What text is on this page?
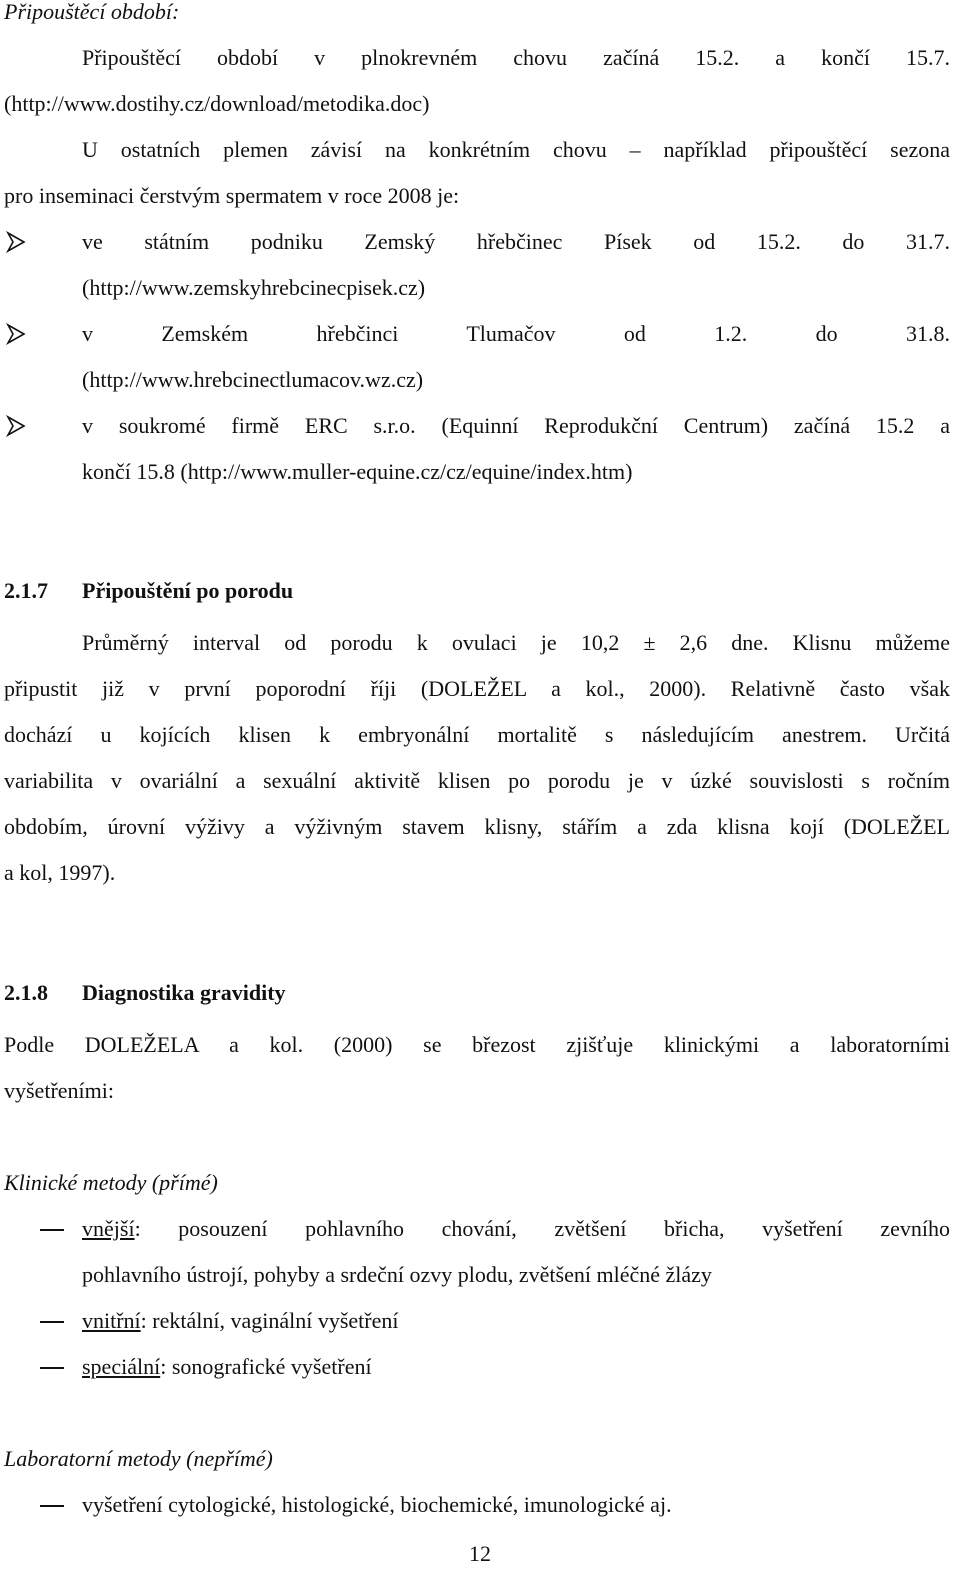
Připouštěcí období:
Připouštěcí období v plnokrevném chovu začíná 15.2. a končí 15.7.
(http://www.dostihy.cz/download/metodika.doc)
U ostatních plemen závisí na konkrétním chovu – například připouštěcí sezona
pro inseminaci čerstvým spermatem v roce 2008 je:
ve státním podniku Zemský hřebčinec Písek od 15.2. do 31.7.
(http://www.zemskyhrebcinecpisek.cz)
v Zemském hřebčinci Tlumačov od 1.2. do 31.8.
(http://www.hrebcinectlumacov.wz.cz)
v soukromé firmě ERC s.r.o. (Equinní Reprodukční Centrum) začíná 15.2 a
končí 15.8 (http://www.muller-equine.cz/cz/equine/index.htm)
2.1.7 Připouštění po porodu
Průměrný interval od porodu k ovulaci je 10,2 ± 2,6 dne. Klisnu můžeme
připustit již v první poporodní říji (DOLEŽEL a kol., 2000). Relativně často však
dochází u kojících klisen k embryonální mortalitě s následujícím anestrem. Určitá
variabilita v ovariální a sexuální aktivitě klisen po porodu je v úzké souvislosti s ročním
obdobím, úrovní výživy a výživným stavem klisny, stářím a zda klisna kojí (DOLEŽEL
a kol, 1997).
2.1.8 Diagnostika gravidity
Podle DOLEŽELA a kol. (2000) se březost zjišťuje klinickými a laboratorními
vyšetřeními:
Klinické metody (přímé)
vnější: posouzení pohlavního chování, zvětšení břicha, vyšetření zevního
pohlavního ústrojí, pohyby a srdeční ozvy plodu, zvětšení mléčné žlázy
vnitřní: rektální, vaginální vyšetření
speciální: sonografické vyšetření
Laboratorní metody (nepřímé)
vyšetření cytologické, histologické, biochemické, imunologické aj.
12
